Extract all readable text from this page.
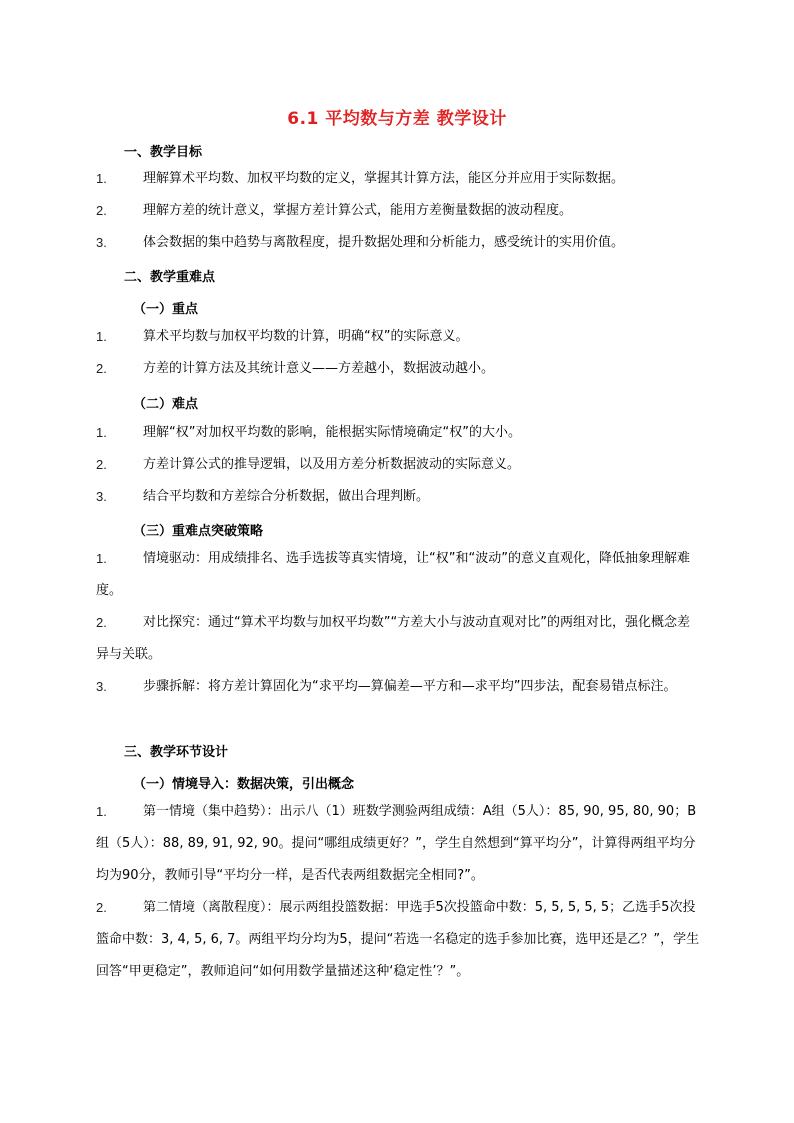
6.1 平均数与方差 教学设计
一、教学目标
1.	理解算术平均数、加权平均数的定义，掌握其计算方法，能区分并应用于实际数据。
2.	理解方差的统计意义，掌握方差计算公式，能用方差衡量数据的波动程度。
3.	体会数据的集中趋势与离散程度，提升数据处理和分析能力，感受统计的实用价值。
二、教学重难点
（一）重点
1.	算术平均数与加权平均数的计算，明确“权”的实际意义。
2.	方差的计算方法及其统计意义——方差越小，数据波动越小。
（二）难点
1.	理解“权”对加权平均数的影响，能根据实际情境确定“权”的大小。
2.	方差计算公式的推导逻辑，以及用方差分析数据波动的实际意义。
3.	结合平均数和方差综合分析数据，做出合理判断。
（三）重难点突破策略
1.	情境驱动：用成绩排名、选手选拔等真实情境，让“权”和“波动”的意义直观化，降低抽象理解难度。
2.	对比探究：通过“算术平均数与加权平均数”“方差大小与波动直观对比”的两组对比，强化概念差异与关联。
3.	步骤拆解：将方差计算固化为“求平均—算偏差—平方和—求平均”四步法，配套易错点标注。
三、教学环节设计
（一）情境导入：数据决策，引出概念
1.	第一情境（集中趋势）：出示八（1）班数学测验两组成绩：A组（5人）：85, 90, 95, 80, 90；B组（5人）：88, 89, 91, 92, 90。提问“哪组成绩更好？”，学生自然想到“算平均分”，计算得两组平均分均为90分，教师引导“平均分一样，是否代表两组数据完全相同?”。
2.	第二情境（离散程度）：展示两组投篮数据：甲选手5次投篮命中数：5, 5, 5, 5, 5；乙选手5次投篮命中数：3, 4, 5, 6, 7。两组平均分均为5，提问“若选一名稳定的选手参加比赛，选甲还是乙？”，学生回答“甲更稳定”，教师追问“如何用数学量描述这种‘稳定性’？”。
